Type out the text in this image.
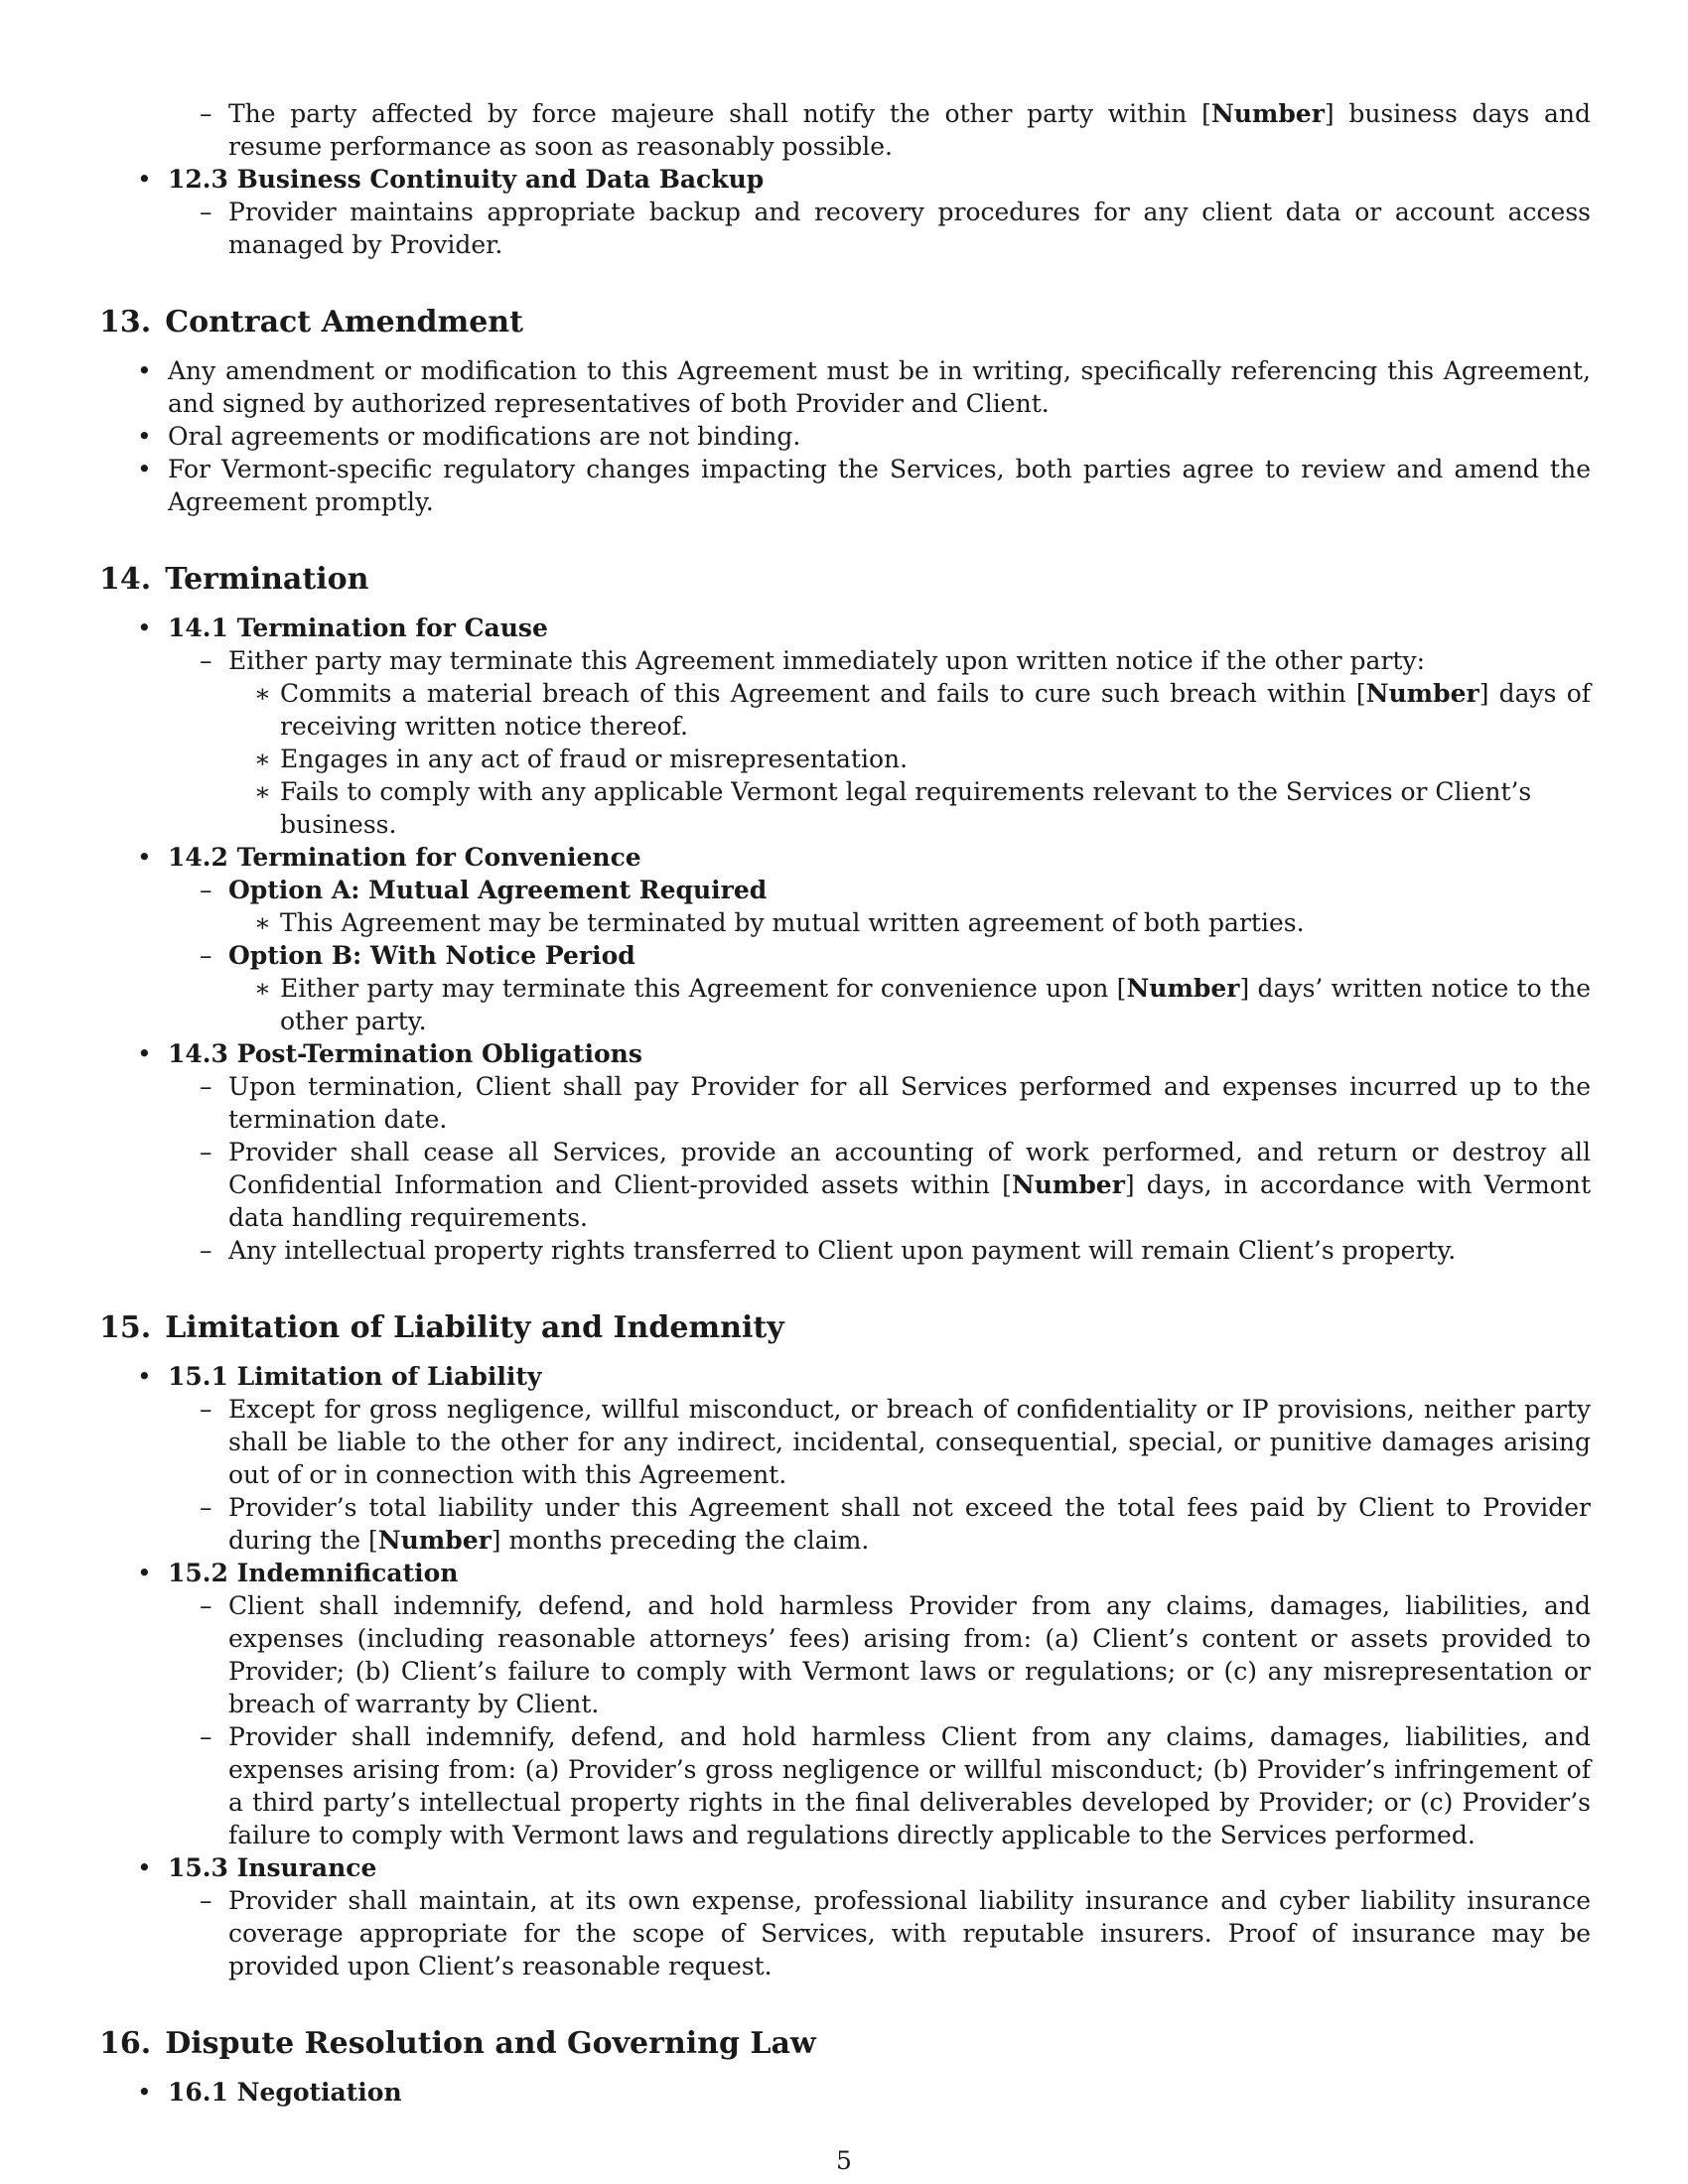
– The party affected by force majeure shall notify the other party within [Number] business days and resume performance as soon as reasonably possible.
• 12.3 Business Continuity and Data Backup
– Provider maintains appropriate backup and recovery procedures for any client data or account access managed by Provider.
13. Contract Amendment
• Any amendment or modification to this Agreement must be in writing, specifically referencing this Agreement, and signed by authorized representatives of both Provider and Client.
• Oral agreements or modifications are not binding.
• For Vermont-specific regulatory changes impacting the Services, both parties agree to review and amend the Agreement promptly.
14. Termination
• 14.1 Termination for Cause
– Either party may terminate this Agreement immediately upon written notice if the other party:
∗ Commits a material breach of this Agreement and fails to cure such breach within [Number] days of receiving written notice thereof.
∗ Engages in any act of fraud or misrepresentation.
∗ Fails to comply with any applicable Vermont legal requirements relevant to the Services or Client’s business.
• 14.2 Termination for Convenience
– Option A: Mutual Agreement Required
∗ This Agreement may be terminated by mutual written agreement of both parties.
– Option B: With Notice Period
∗ Either party may terminate this Agreement for convenience upon [Number] days’ written notice to the other party.
• 14.3 Post-Termination Obligations
– Upon termination, Client shall pay Provider for all Services performed and expenses incurred up to the termination date.
– Provider shall cease all Services, provide an accounting of work performed, and return or destroy all Confidential Information and Client-provided assets within [Number] days, in accordance with Vermont data handling requirements.
– Any intellectual property rights transferred to Client upon payment will remain Client’s property.
15. Limitation of Liability and Indemnity
• 15.1 Limitation of Liability
– Except for gross negligence, willful misconduct, or breach of confidentiality or IP provisions, neither party shall be liable to the other for any indirect, incidental, consequential, special, or punitive damages arising out of or in connection with this Agreement.
– Provider’s total liability under this Agreement shall not exceed the total fees paid by Client to Provider during the [Number] months preceding the claim.
• 15.2 Indemnification
– Client shall indemnify, defend, and hold harmless Provider from any claims, damages, liabilities, and expenses (including reasonable attorneys’ fees) arising from: (a) Client’s content or assets provided to Provider; (b) Client’s failure to comply with Vermont laws or regulations; or (c) any misrepresentation or breach of warranty by Client.
– Provider shall indemnify, defend, and hold harmless Client from any claims, damages, liabilities, and expenses arising from: (a) Provider’s gross negligence or willful misconduct; (b) Provider’s infringement of a third party’s intellectual property rights in the final deliverables developed by Provider; or (c) Provider’s failure to comply with Vermont laws and regulations directly applicable to the Services performed.
• 15.3 Insurance
– Provider shall maintain, at its own expense, professional liability insurance and cyber liability insurance coverage appropriate for the scope of Services, with reputable insurers. Proof of insurance may be provided upon Client’s reasonable request.
16. Dispute Resolution and Governing Law
• 16.1 Negotiation
5
